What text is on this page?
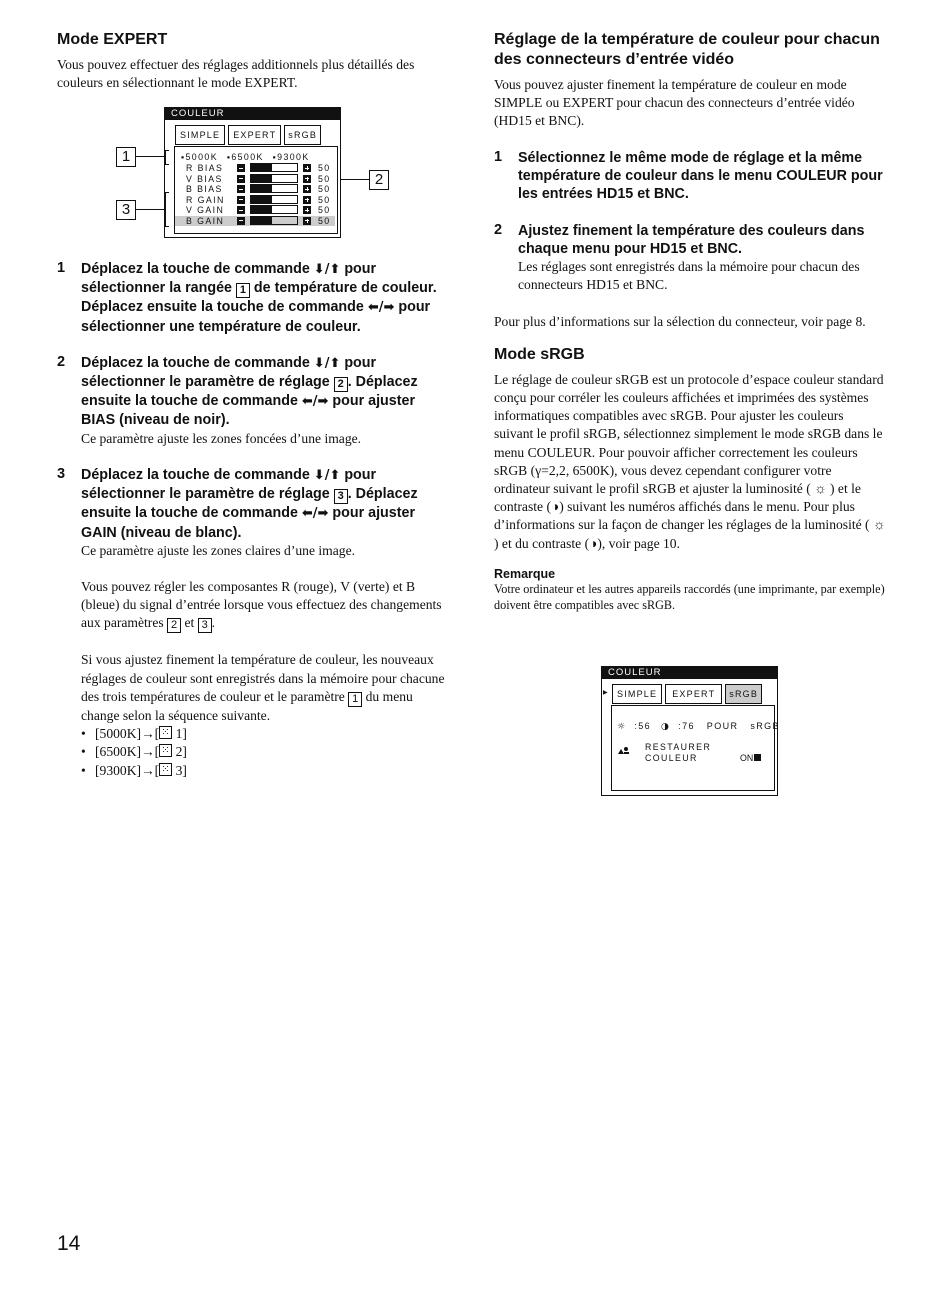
Mode EXPERT

Vous pouvez effectuer des réglages additionnels plus détaillés des couleurs en sélectionnant le mode EXPERT.

COULEUR
SIMPLE	EXPERT	sRGB
▪5000K ▪6500K ▪9300K
R BIAS	50
V BIAS	50
B BIAS	50
R GAIN	50
V GAIN	50
B GAIN	50
1
3
2
1 Déplacez la touche de commande ⬇/⬆ pour sélectionner la rangée 1 de température de couleur. Déplacez ensuite la touche de commande ⬅/➡ pour sélectionner une température de couleur.
2 Déplacez la touche de commande ⬇/⬆ pour sélectionner le paramètre de réglage 2 . Déplacez ensuite la touche de commande ⬅/➡ pour ajuster BIAS (niveau de noir).

Ce paramètre ajuste les zones foncées d’une image.

3 Déplacez la touche de commande ⬇/⬆ pour sélectionner le paramètre de réglage 3 . Déplacez ensuite la touche de commande ⬅/➡ pour ajuster GAIN (niveau de blanc).

Ce paramètre ajuste les zones claires d’une image.

Vous pouvez régler les composantes R (rouge), V (verte) et B (bleue) du signal d’entrée lorsque vous effectuez des changements aux paramètres 2 et 3 .

Si vous ajustez finement la température de couleur, les nouveaux réglages de couleur sont enregistrés dans la mémoire pour chacune des trois températures de couleur et le paramètre 1 du menu change selon la séquence suivante.

• [5000K]→[⁙ 1]
• [6500K]→[⁙ 2]
• [9300K]→[⁙ 3]
Réglage de la température de couleur pour chacun des connecteurs d’entrée vidéo

Vous pouvez ajuster finement la température de couleur en mode SIMPLE ou EXPERT pour chacun des connecteurs d’entrée vidéo (HD15 et BNC).

1 Sélectionnez le même mode de réglage et la même température de couleur dans le menu COULEUR pour les entrées HD15 et BNC.
2 Ajustez finement la température des couleurs dans chaque menu pour HD15 et BNC.

Les réglages sont enregistrés dans la mémoire pour chacun des connecteurs HD15 et BNC.

Pour plus d’informations sur la sélection du connecteur, voir page 8.

Mode sRGB

Le réglage de couleur sRGB est un protocole d’espace couleur standard conçu pour corréler les couleurs affichées et imprimées des systèmes informatiques compatibles avec sRGB. Pour ajuster les couleurs suivant le profil sRGB, sélectionnez simplement le mode sRGB dans le menu COULEUR. Pour pouvoir afficher correctement les couleurs sRGB (γ=2,2, 6500K), vous devez cependant configurer votre ordinateur suivant le profil sRGB et ajuster la luminosité ( ☼ ) et le contraste (◑) suivant les numéros affichés dans le menu. Pour plus d’informations sur la façon de changer les réglages de la luminosité ( ☼ ) et du contraste (◑), voir page 10.

Remarque

Votre ordinateur et les autres appareils raccordés (une imprimante, par exemple) doivent être compatibles avec sRGB.

COULEUR
▶	SIMPLE	EXPERT	sRGB
☼ :56 ◑ :76 POUR sRGB
RESTAURER
COULEUR	ON
14
